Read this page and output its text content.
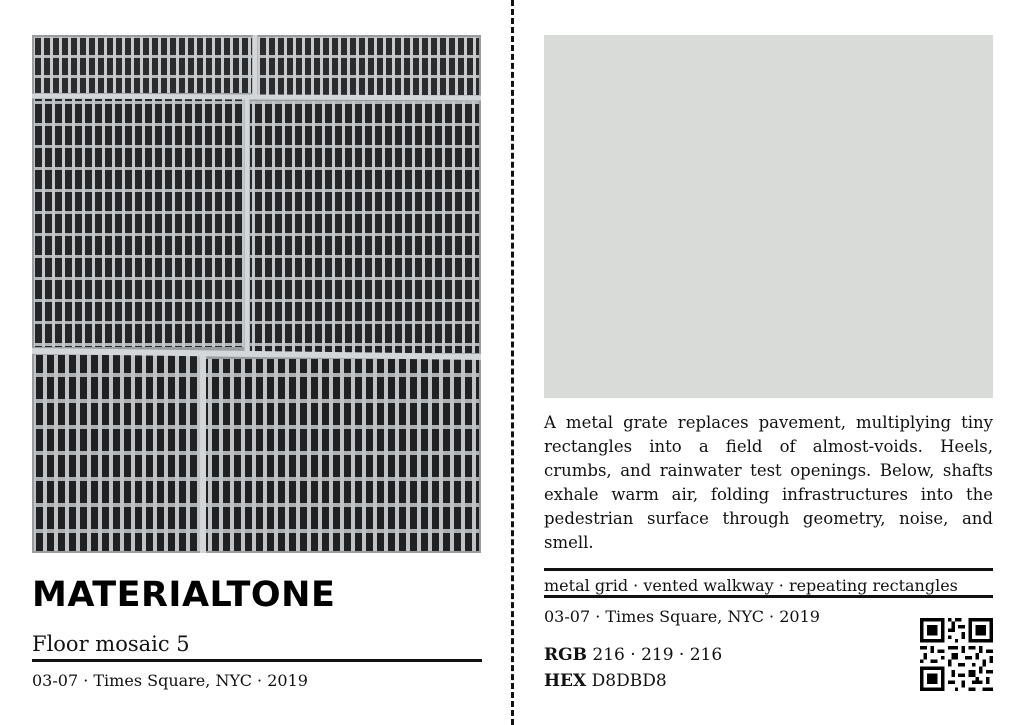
MATERIALTONE
Floor mosaic 5
03-07 · Times Square, NYC · 2019
A metal grate replaces pavement, multiplying tiny rectangles into a field of almost-voids. Heels, crumbs, and rainwater test openings. Below, shafts exhale warm air, folding infrastructures into the pedestrian surface through geometry, noise, and smell.
metal grid · vented walkway · repeating rectangles
03-07 · Times Square, NYC · 2019
RGB 216 · 219 · 216
HEX D8DBD8
